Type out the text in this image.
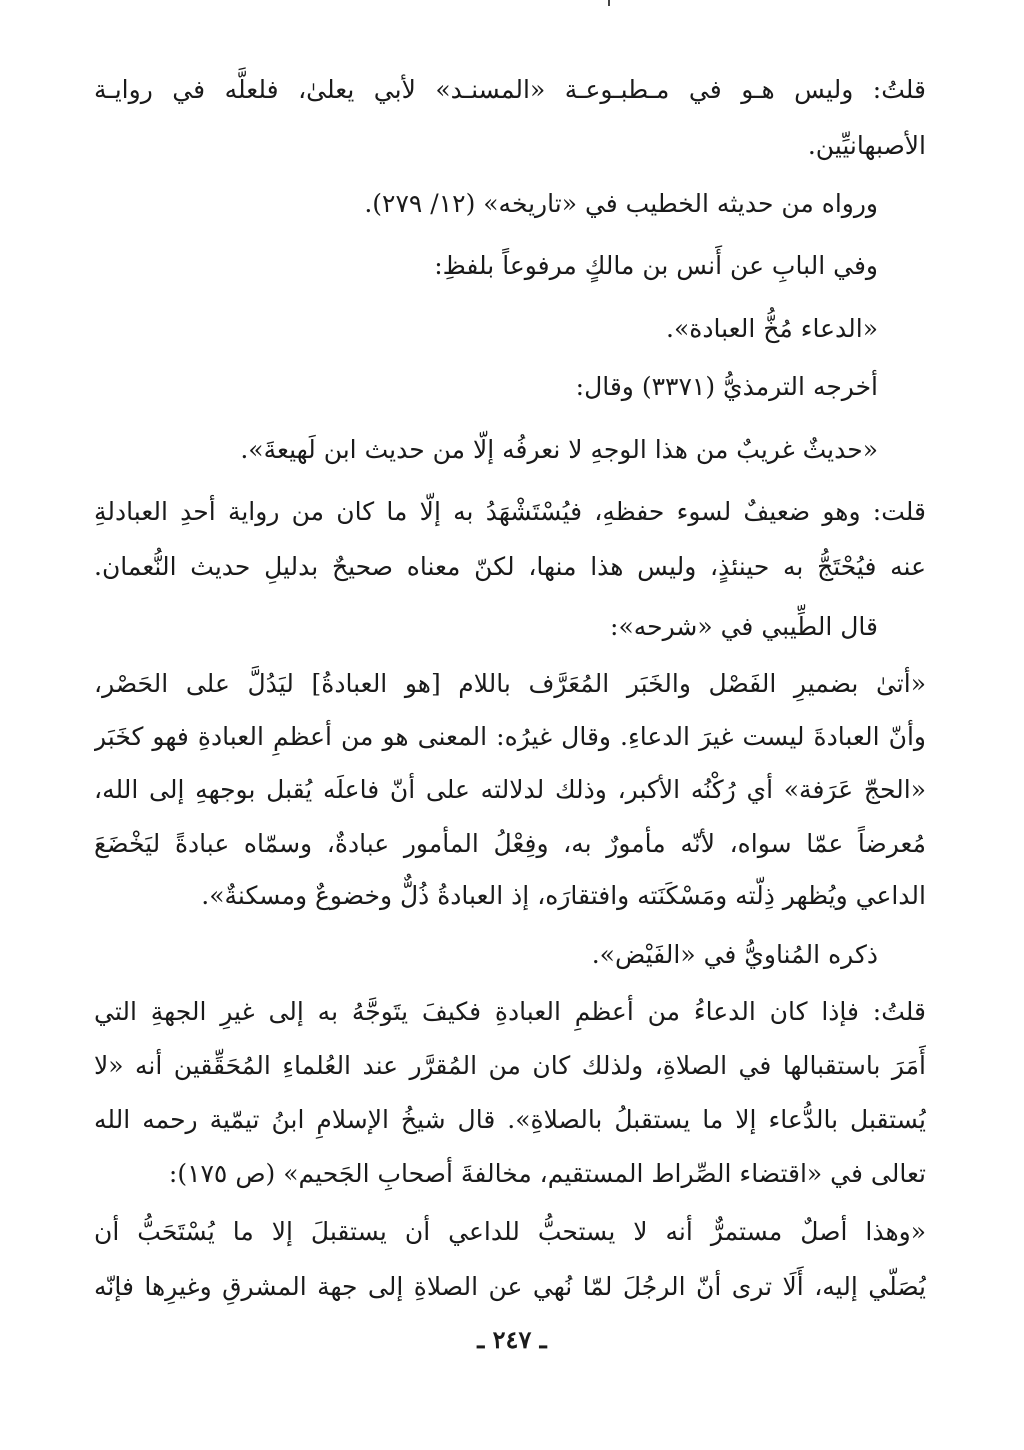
قلتُ: وليس هـو في مـطبـوعـة «المسنـد» لأبي يعلىٰ، فلعلَّه في روايـة
الأصبهانيِّين.
ورواه من حديثه الخطيب في «تاريخه» (١٢/ ٢٧٩).
وفي البابِ عن أَنس بن مالكٍ مرفوعاً بلفظِ:
«الدعاء مُخُّ العبادة».
أخرجه الترمذيُّ (٣٣٧١) وقال:
«حديثٌ غريبٌ من هذا الوجهِ لا نعرفُه إلّا من حديث ابن لَهيعةَ».
قلت: وهو ضعيفٌ لسوء حفظهِ، فيُسْتَشْهَدُ به إلّا ما كان من رواية أحدِ العبادلةِ
عنه فيُحْتَجُّ به حينئذٍ، وليس هذا منها، لكنّ معناه صحيحٌ بدليلِ حديث النُّعمان.
قال الطِّيبي في «شرحه»:
«أتىٰ بضميرِ الفَصْل والخَبَر المُعَرَّف باللام [هو العبادةُ] ليَدُلَّ على الحَصْر،
وأنّ العبادةَ ليست غيرَ الدعاءِ. وقال غيرُه: المعنى هو من أعظمِ العبادةِ فهو كخَبَر
«الحجّ عَرَفة» أي رُكْنُه الأكبر، وذلك لدلالته على أنّ فاعلَه يُقبل بوجههِ إلى الله،
مُعرضاً عمّا سواه، لأنّه مأمورٌ به، وفِعْلُ المأمور عبادةٌ، وسمّاه عبادةً ليَخْضَعَ
الداعي ويُظهر ذِلّته ومَسْكَنَته وافتقارَه، إذ العبادةُ ذُلٌّ وخضوعٌ ومسكنةٌ».
ذكره المُناويُّ في «الفَيْض».
قلتُ: فإذا كان الدعاءُ من أعظمِ العبادةِ فكيفَ يتَوجَّهُ به إلى غيرِ الجهةِ التي
أَمَرَ باستقبالها في الصلاةِ، ولذلك كان من المُقرَّر عند العُلماءِ المُحَقِّقين أنه «لا
يُستقبل بالدُّعاء إلا ما يستقبلُ بالصلاةِ». قال شيخُ الإسلامِ ابنُ تيمّية رحمه الله
تعالى في «اقتضاء الصِّراط المستقيم، مخالفةَ أصحابِ الجَحيم» (ص ١٧٥):
«وهذا أصلٌ مستمرٌّ أنه لا يستحبُّ للداعي أن يستقبلَ إلا ما يُسْتَحَبُّ أن
يُصَلّي إليه، أَلَا ترى أنّ الرجُلَ لمّا نُهي عن الصلاةِ إلى جهة المشرقِ وغيرِها فإنّه
ـ ٢٤٧ ـ
